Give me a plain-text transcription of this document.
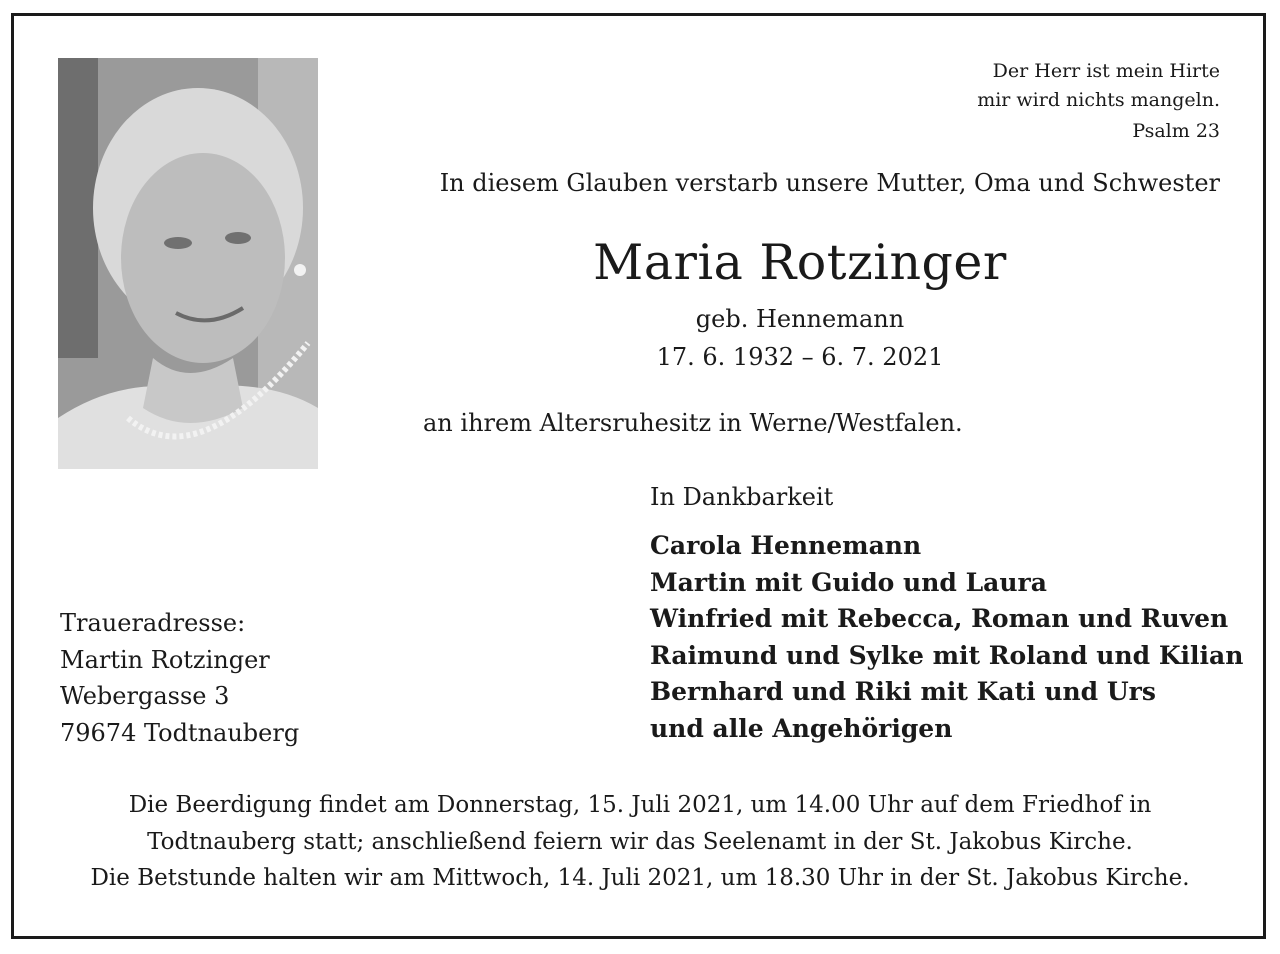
Der Herr ist mein Hirte
mir wird nichts mangeln.
Psalm 23
In diesem Glauben verstarb unsere Mutter, Oma und Schwester
Maria Rotzinger
geb. Hennemann
17. 6. 1932 – 6. 7. 2021
an ihrem Altersruhesitz in Werne/Westfalen.
In Dankbarkeit
Carola Hennemann
Martin mit Guido und Laura
Winfried mit Rebecca, Roman und Ruven
Raimund und Sylke mit Roland und Kilian
Bernhard und Riki mit Kati und Urs
und alle Angehörigen
Traueradresse:
Martin Rotzinger
Webergasse 3
79674 Todtnauberg
Die Beerdigung findet am Donnerstag, 15. Juli 2021, um 14.00 Uhr auf dem Friedhof in
Todtnauberg statt; anschließend feiern wir das Seelenamt in der St. Jakobus Kirche.
Die Betstunde halten wir am Mittwoch, 14. Juli 2021, um 18.30 Uhr in der St. Jakobus Kirche.
